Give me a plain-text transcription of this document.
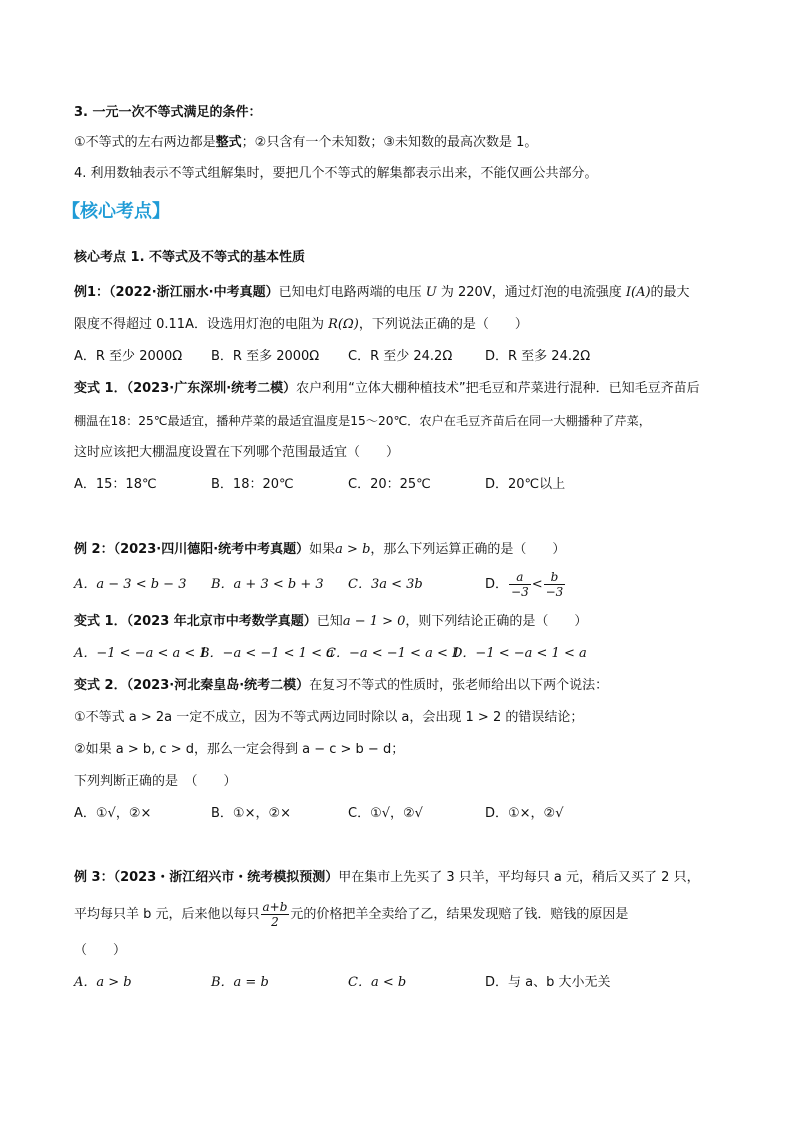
3. 一元一次不等式满足的条件：
①不等式的左右两边都是整式；②只含有一个未知数；③未知数的最高次数是 1。
4. 利用数轴表示不等式组解集时，要把几个不等式的解集都表示出来，不能仅画公共部分。
【核心考点】
核心考点 1. 不等式及不等式的基本性质
例1：（2022·浙江丽水·中考真题）已知电灯电路两端的电压 U 为 220V，通过灯泡的电流强度 I(A)的最大
限度不得超过 0.11A．设选用灯泡的电阻为 R(Ω)，下列说法正确的是（　　）
A．R 至少 2000Ω B．R 至多 2000Ω C．R 至少 24.2Ω	D．R 至多 24.2Ω
变式 1．（2023·广东深圳·统考二模）农户利用“立体大棚种植技术”把毛豆和芹菜进行混种．已知毛豆齐苗后
棚温在18：25℃最适宜，播种芹菜的最适宜温度是15～20℃．农户在毛豆齐苗后在同一大棚播种了芹菜，
这时应该把大棚温度设置在下列哪个范围最适宜（　　）
A．15：18℃	B．18：20℃	C．20：25℃	D．20℃以上
例 2：（2023·四川德阳·统考中考真题）如果a > b，那么下列运算正确的是（　　）
A．a − 3 < b − 3 B．a + 3 < b + 3 C．3a < 3b	D． $\frac{a}{-3} < \frac{b}{-3}$
变式 1．（2023 年北京市中考数学真题）已知a − 1 > 0，则下列结论正确的是（　　）
A．−1 < −a < a < 1
B．−a < −1 < 1 < a
C．−a < −1 < a < 1
D．−1 < −a < 1 < a
变式 2．（2023·河北秦皇岛·统考二模）在复习不等式的性质时，张老师给出以下两个说法：
①不等式 a > 2a 一定不成立，因为不等式两边同时除以 a，会出现 1 > 2 的错误结论；
②如果 a > b, c > d，那么一定会得到 a − c > b − d；
下列判断正确的是　（　　）
A．①√，②×	B．①×，②×	C．①√，②√	D．①×，②√
例 3：（2023・浙江绍兴市・统考模拟预测）甲在集市上先买了 3 只羊，平均每只 a 元，稍后又买了 2 只，
平均每只羊 b 元，后来他以每只 $\frac{a+b}{2}$ 元的价格把羊全卖给了乙，结果发现赔了钱．赔钱的原因是
（　　）
A．a > b	B．a = b	C．a < b	D．与 a、b 大小无关
